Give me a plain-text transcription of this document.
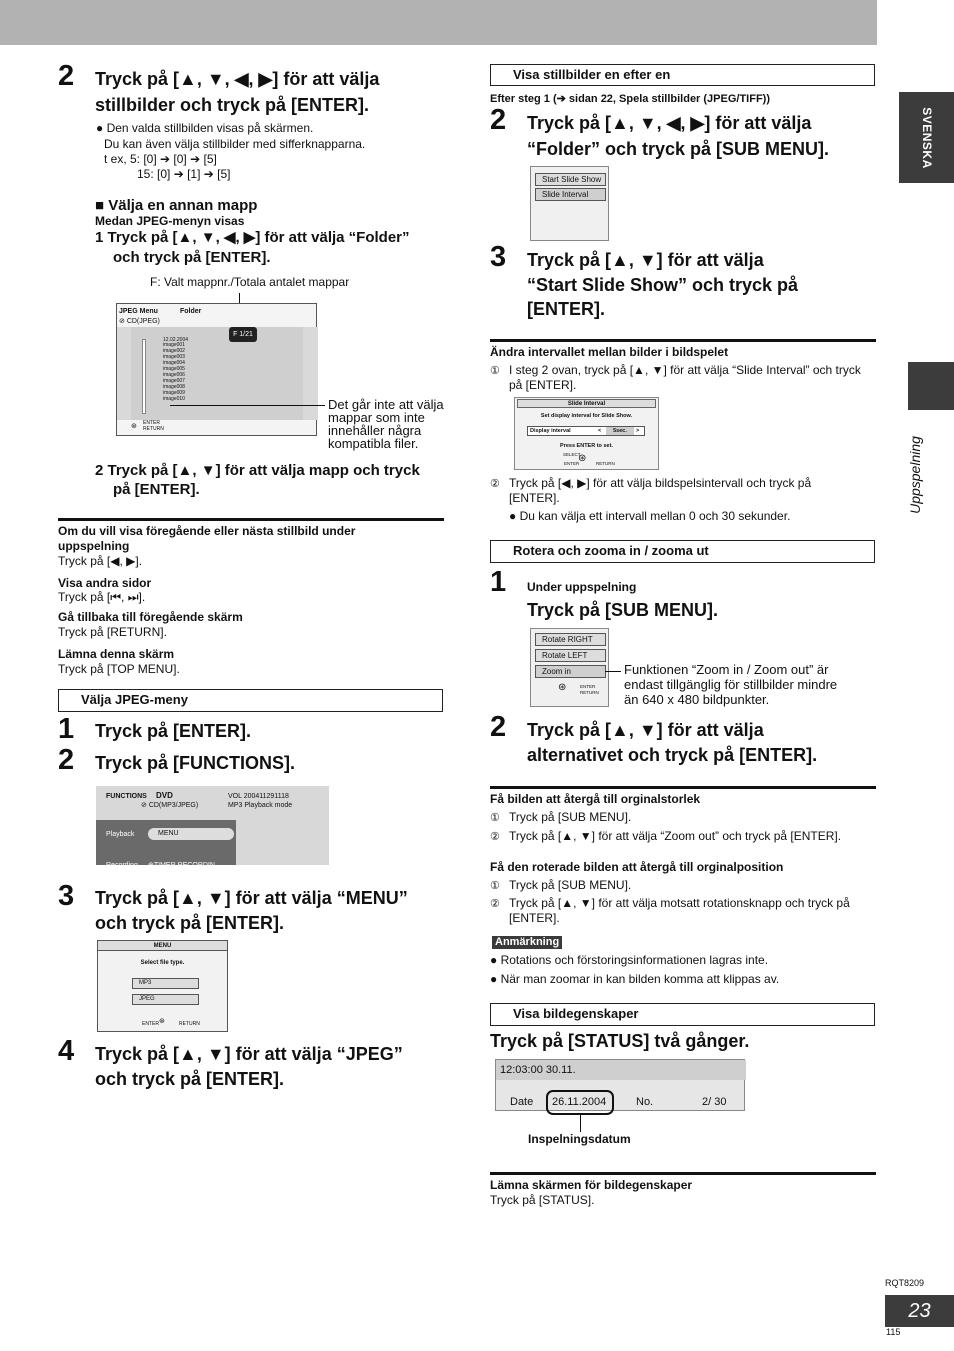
SVENSKA
Uppspelning
2 Tryck på [▲, ▼, ◀, ▶] för att välja
stillbilder och tryck på [ENTER].
● Den valda stillbilden visas på skärmen.
Du kan även välja stillbilder med sifferknapparna.
t ex, 5: [0] ➔ [0] ➔ [5]
15: [0] ➔ [1] ➔ [5]
■ Välja en annan mapp
Medan JPEG-menyn visas
1 Tryck på [▲, ▼, ◀, ▶] för att välja “Folder”
och tryck på [ENTER].
F: Valt mappnr./Totala antalet mappar
JPEG Menu	Folder
⊘ CD(JPEG)
F 1/21
12.02.2004
image001
image002
image003
image004
image005
image006
image007
image008
image009
image010
⊛ ENTER
RETURN
Det går inte att välja
mappar som inte
innehåller några
kompatibla filer.
2 Tryck på [▲, ▼] för att välja mapp och tryck
på [ENTER].
Om du vill visa föregående eller nästa stillbild under
uppspelning
Tryck på [◀, ▶].
Visa andra sidor
Tryck på [⏮, ⏭].
Gå tillbaka till föregående skärm
Tryck på [RETURN].
Lämna denna skärm
Tryck på [TOP MENU].
Välja JPEG-meny
1 Tryck på [ENTER].
2 Tryck på [FUNCTIONS].
FUNCTIONS DVD
⊘ CD(MP3/JPEG)
VOL 200411291118
MP3 Playback mode
Playback	MENU
Recording ⊕TIMER RECORDIN
3 Tryck på [▲, ▼] för att välja “MENU”
och tryck på [ENTER].
MENU
Select file type.
MP3
JPEG
ENTER ⊛	RETURN
4 Tryck på [▲, ▼] för att välja “JPEG”
och tryck på [ENTER].
Visa stillbilder en efter en
Efter steg 1 (➔ sidan 22, Spela stillbilder (JPEG/TIFF))
2 Tryck på [▲, ▼, ◀, ▶] för att välja
“Folder” och tryck på [SUB MENU].
Start Slide Show
Slide Interval
3 Tryck på [▲, ▼] för att välja
“Start Slide Show” och tryck på
[ENTER].
Ändra intervallet mellan bilder i bildspelet
① I steg 2 ovan, tryck på [▲, ▼] för att välja “Slide Interval” och tryck
på [ENTER].
Slide Interval
Set display interval for Slide Show.
Display interval	<	5sec.	>
Press ENTER to set.
SELECT
ENTER
⊛ RETURN
② Tryck på [◀, ▶] för att välja bildspelsintervall och tryck på
[ENTER].
● Du kan välja ett intervall mellan 0 och 30 sekunder.
Rotera och zooma in / zooma ut
1 Under uppspelning
Tryck på [SUB MENU].
Rotate RIGHT
Rotate LEFT
Zoom in
⊛	ENTER
RETURN
Funktionen “Zoom in / Zoom out” är
endast tillgänglig för stillbilder mindre
än 640 x 480 bildpunkter.
2 Tryck på [▲, ▼] för att välja
alternativet och tryck på [ENTER].
Få bilden att återgå till orginalstorlek
① Tryck på [SUB MENU].
② Tryck på [▲, ▼] för att välja “Zoom out” och tryck på [ENTER].
Få den roterade bilden att återgå till orginalposition
① Tryck på [SUB MENU].
② Tryck på [▲, ▼] för att välja motsatt rotationsknapp och tryck på
[ENTER].
Anmärkning
● Rotations och förstoringsinformationen lagras inte.
● När man zoomar in kan bilden komma att klippas av.
Visa bildegenskaper
Tryck på [STATUS] två gånger.
12:03:00 30.11.
Date 26.11.2004	No.	2/ 30
Inspelningsdatum
Lämna skärmen för bildegenskaper
Tryck på [STATUS].
RQT8209
23
115
